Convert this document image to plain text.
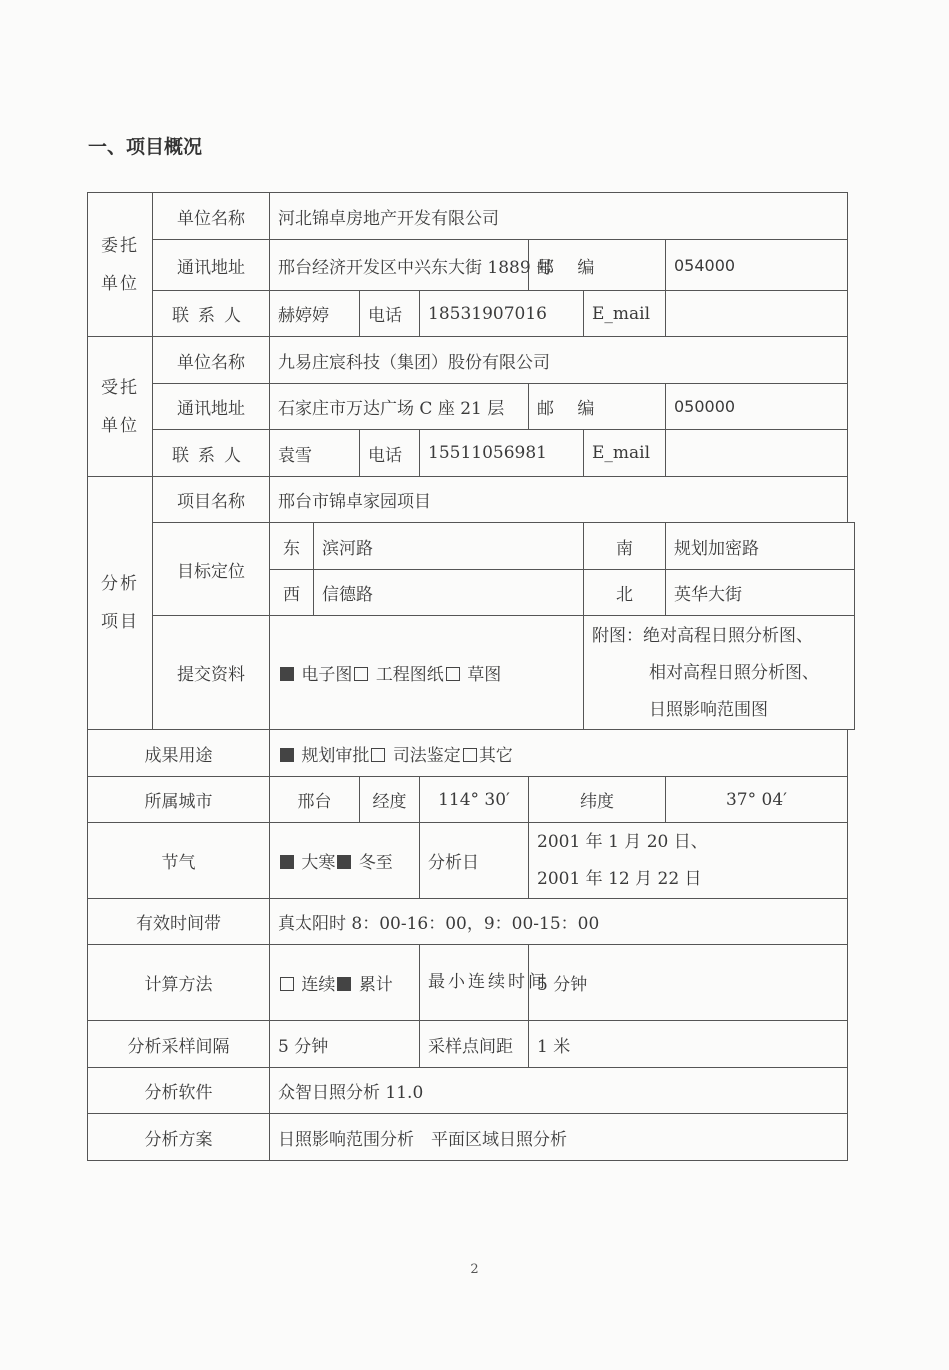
一、项目概况
委托
单位	单位名称	河北锦卓房地产开发有限公司						
	通讯地址	邢台经济开发区中兴东大街 1889 号				邮 编		054000
	联系人	赫婷婷		电话	18531907016		E_mail	
受托
单位	单位名称	九易庄宸科技（集团）股份有限公司						
	通讯地址	石家庄市万达广场 C 座 21 层				邮 编		050000
	联系人	袁雪		电话	15511056981		E_mail	
分析
项目	项目名称	邢台市锦卓家园项目						
	目标定位	东	滨河路				南	规划加密路
		西	信德路				北	英华大街
	提交资料	电子图 工程图纸 草图					附图：绝对高程日照分析图、
相对高程日照分析图、
日照影响范围图	

成果用途		规划审批 司法鉴定 其它						
所属城市		邢台		经度	114° 30′	纬度		37° 04′
节气		大寒 冬至			分析日	2001 年 1 月 20 日、
2001 年 12 月 22 日		

有效时间带		真太阳时 8：00-16：00，9：00-15：00						
计算方法		连续 累计			最小连续时间	5 分钟		
分析采样间隔		5 分钟			采样点间距	1 米		
分析软件		众智日照分析 11.0						
分析方案		日照影响范围分析　平面区域日照分析						
2
